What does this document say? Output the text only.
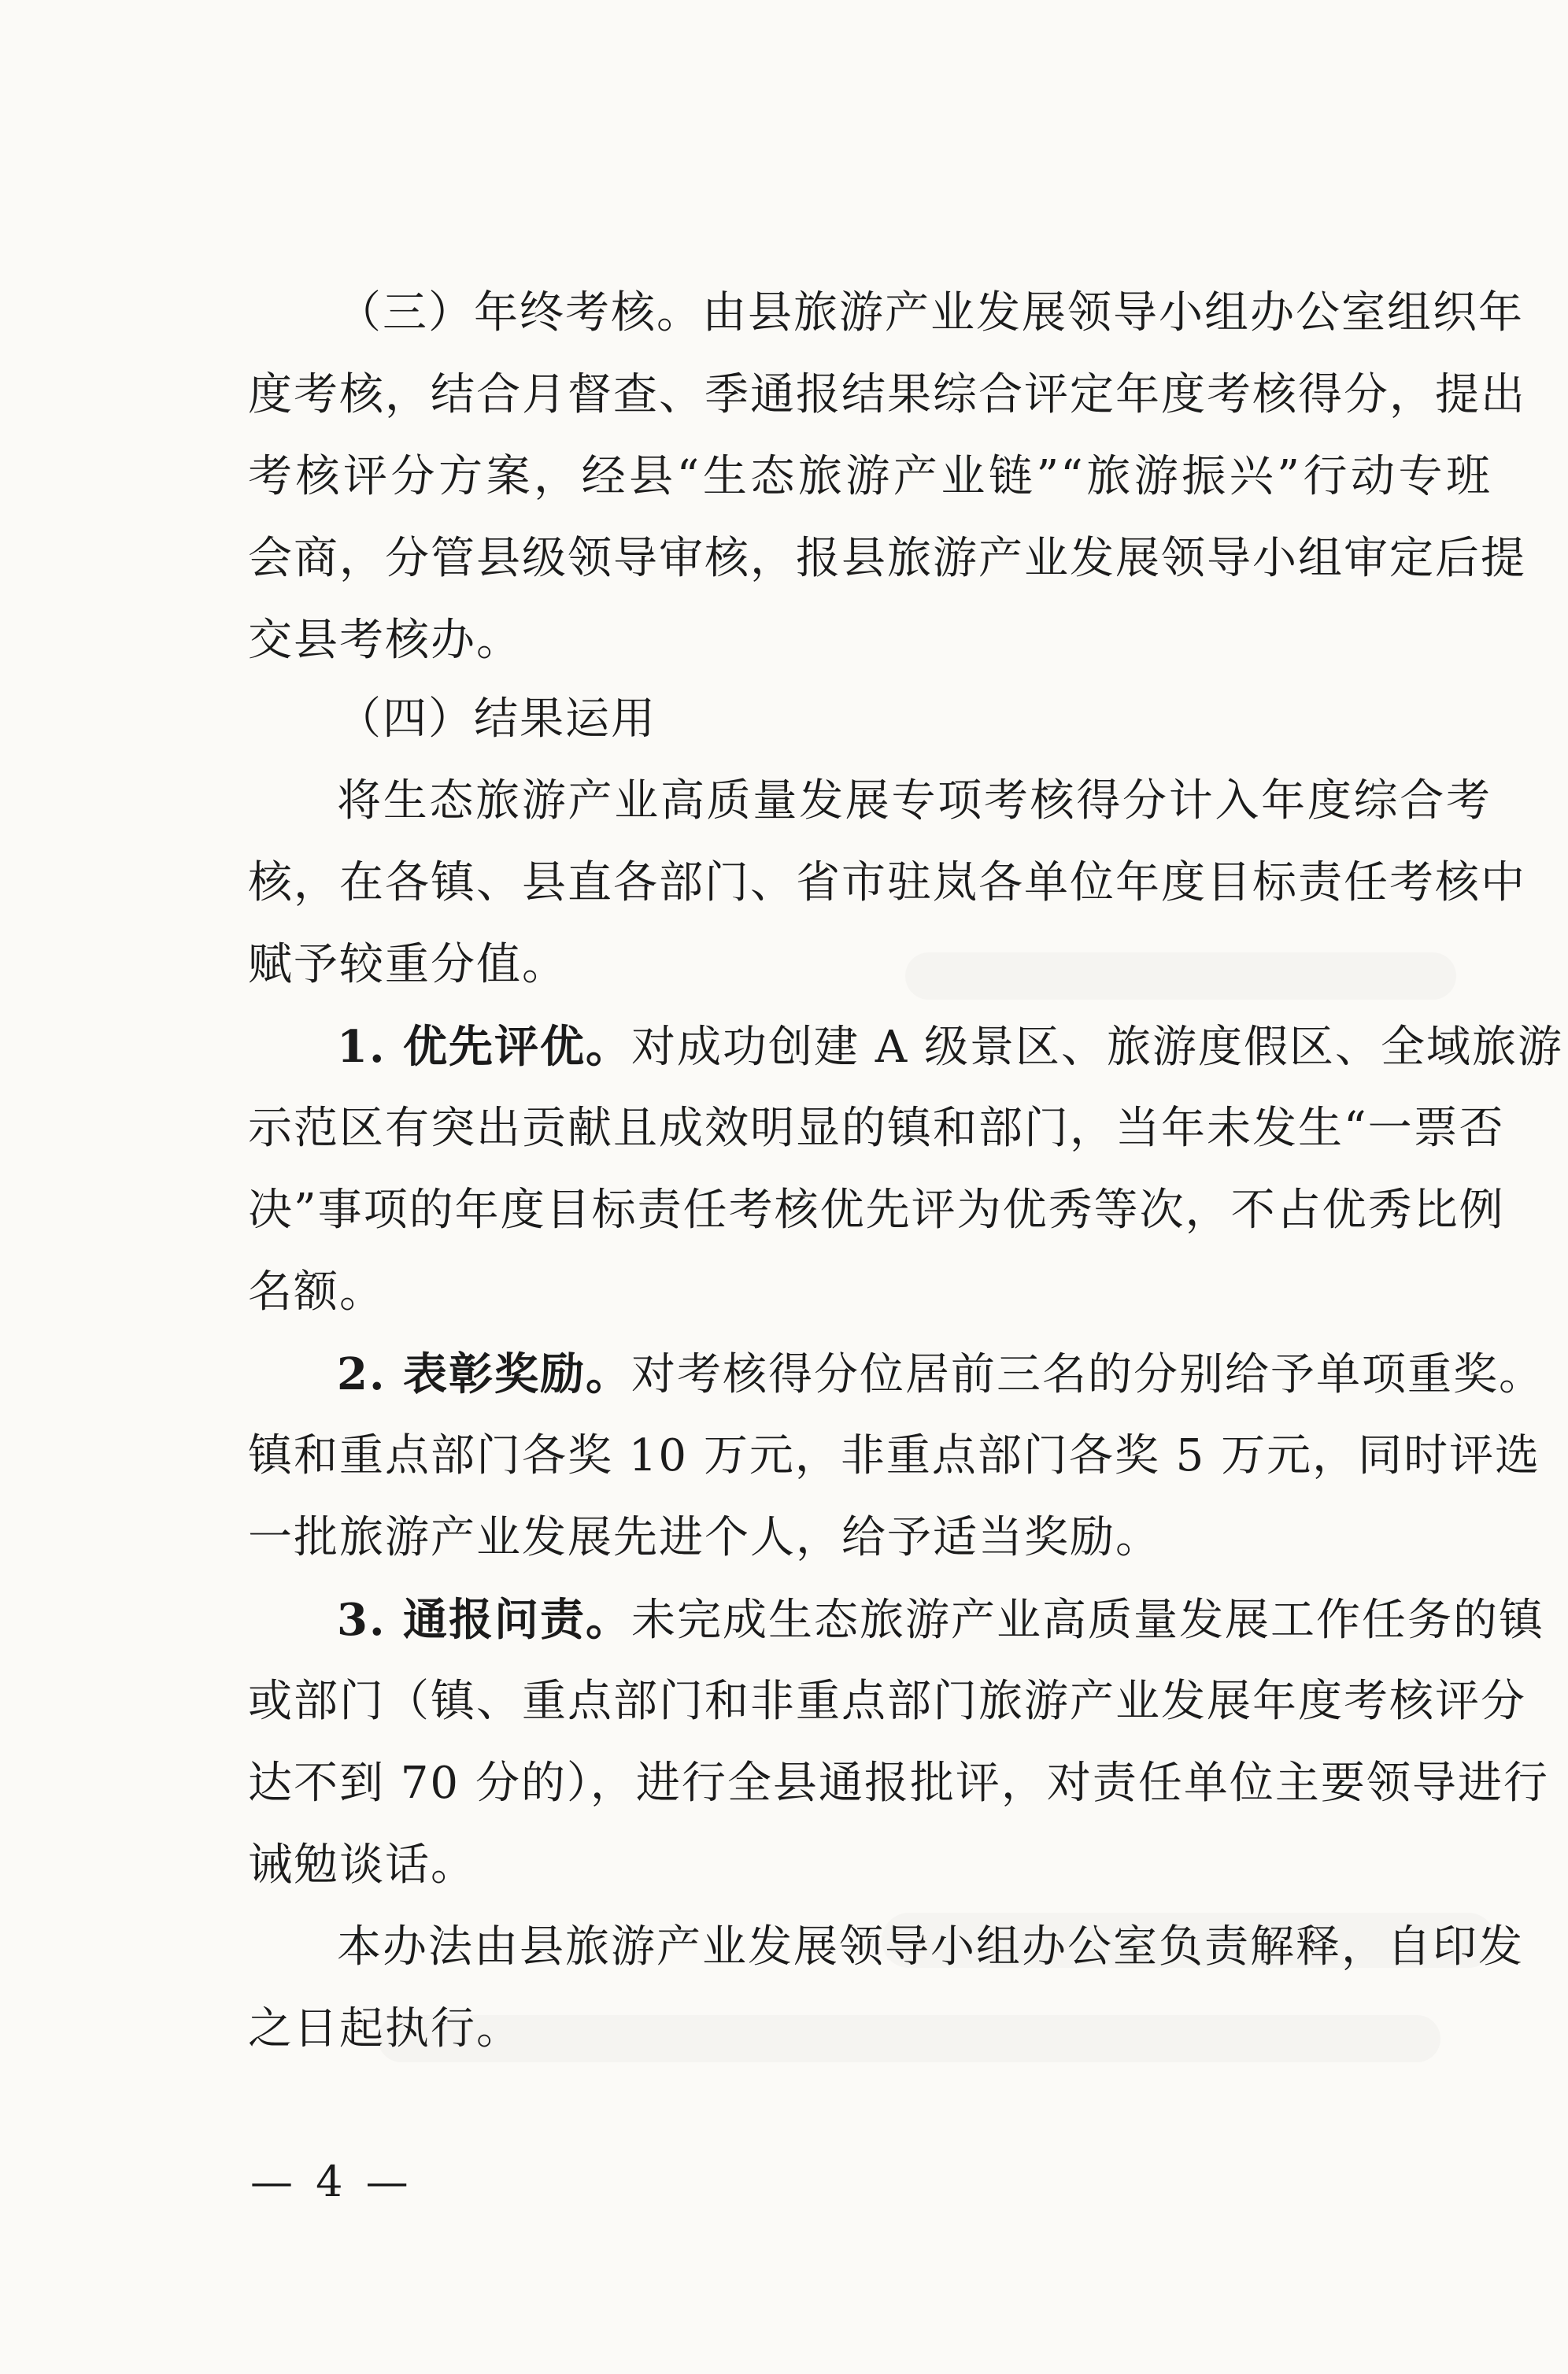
（三）年终考核。由县旅游产业发展领导小组办公室组织年
度考核，结合月督查、季通报结果综合评定年度考核得分，提出
考核评分方案，经县“生态旅游产业链”“旅游振兴”行动专班
会商，分管县级领导审核，报县旅游产业发展领导小组审定后提
交县考核办。
（四）结果运用
将生态旅游产业高质量发展专项考核得分计入年度综合考
核，在各镇、县直各部门、省市驻岚各单位年度目标责任考核中
赋予较重分值。
1. 优先评优。对成功创建 A 级景区、旅游度假区、全域旅游
示范区有突出贡献且成效明显的镇和部门，当年未发生“一票否
决”事项的年度目标责任考核优先评为优秀等次，不占优秀比例
名额。
2. 表彰奖励。对考核得分位居前三名的分别给予单项重奖。
镇和重点部门各奖 10 万元，非重点部门各奖 5 万元，同时评选
一批旅游产业发展先进个人，给予适当奖励。
3. 通报问责。未完成生态旅游产业高质量发展工作任务的镇
或部门（镇、重点部门和非重点部门旅游产业发展年度考核评分
达不到 70 分的），进行全县通报批评，对责任单位主要领导进行
诫勉谈话。
本办法由县旅游产业发展领导小组办公室负责解释，自印发
之日起执行。
— 4 —
